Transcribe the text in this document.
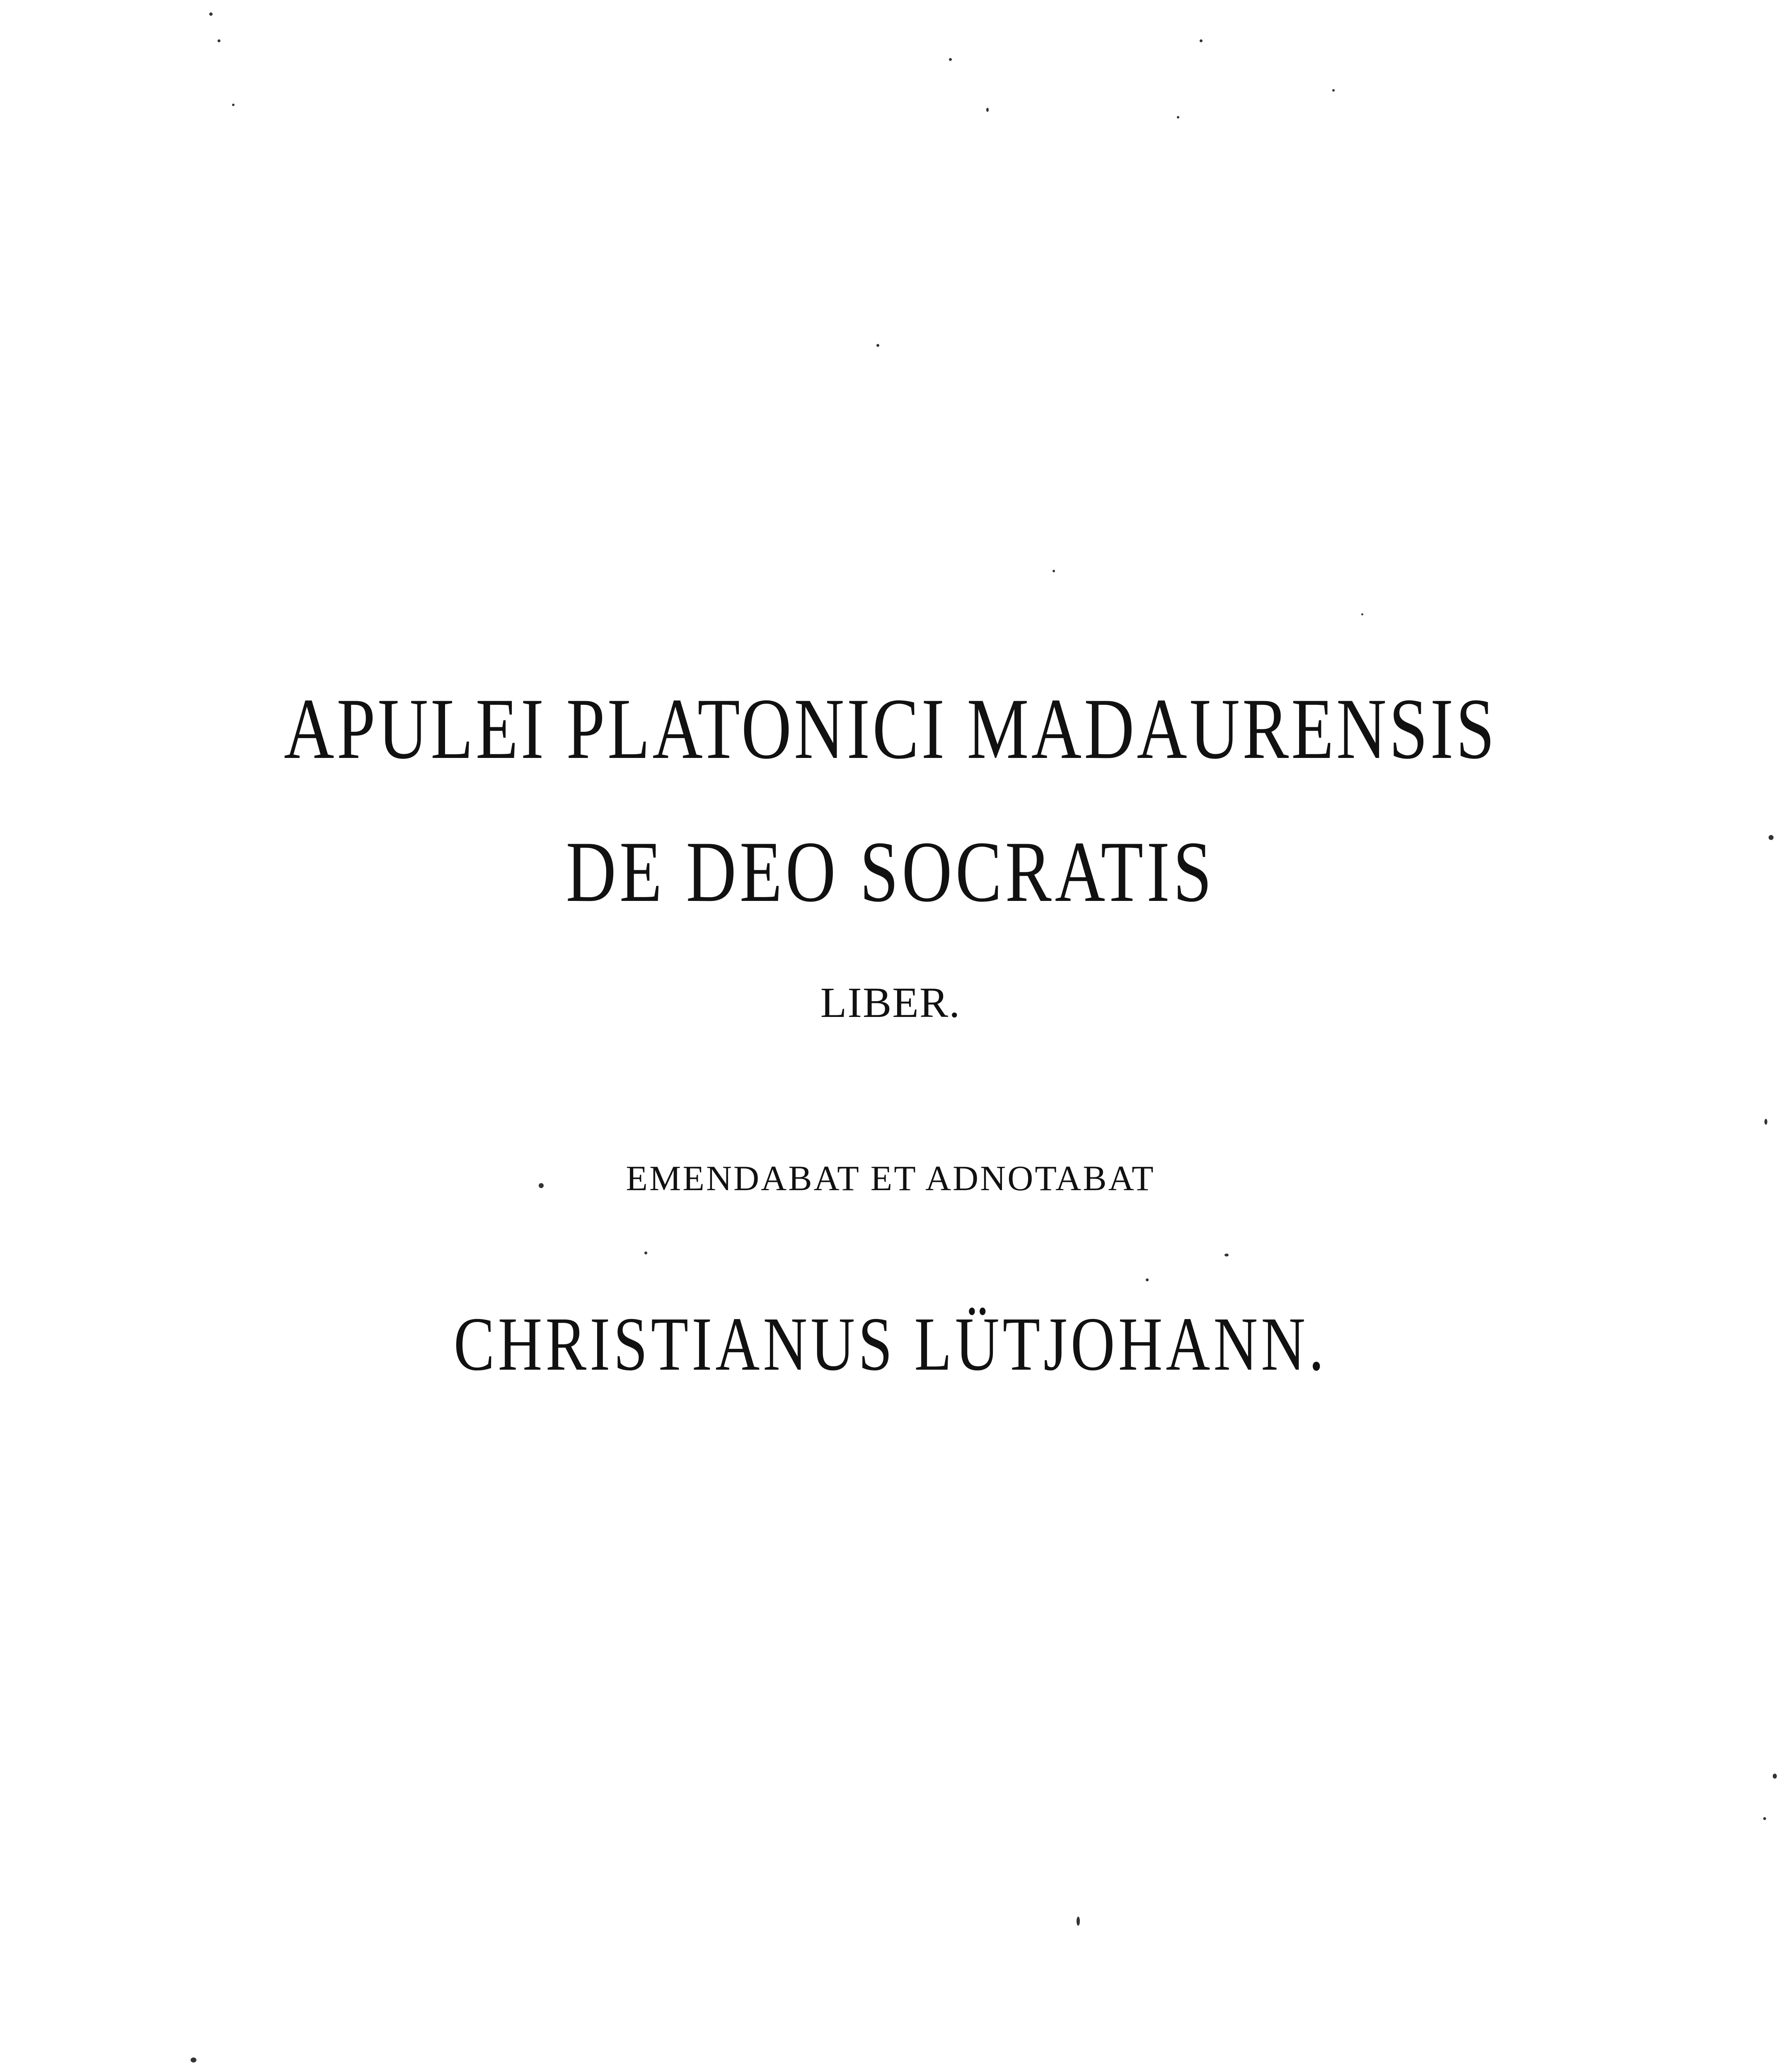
APULEI PLATONICI MADAURENSIS
DE DEO SOCRATIS
LIBER.
EMENDABAT ET ADNOTABAT
CHRISTIANUS LÜTJOHANN.
